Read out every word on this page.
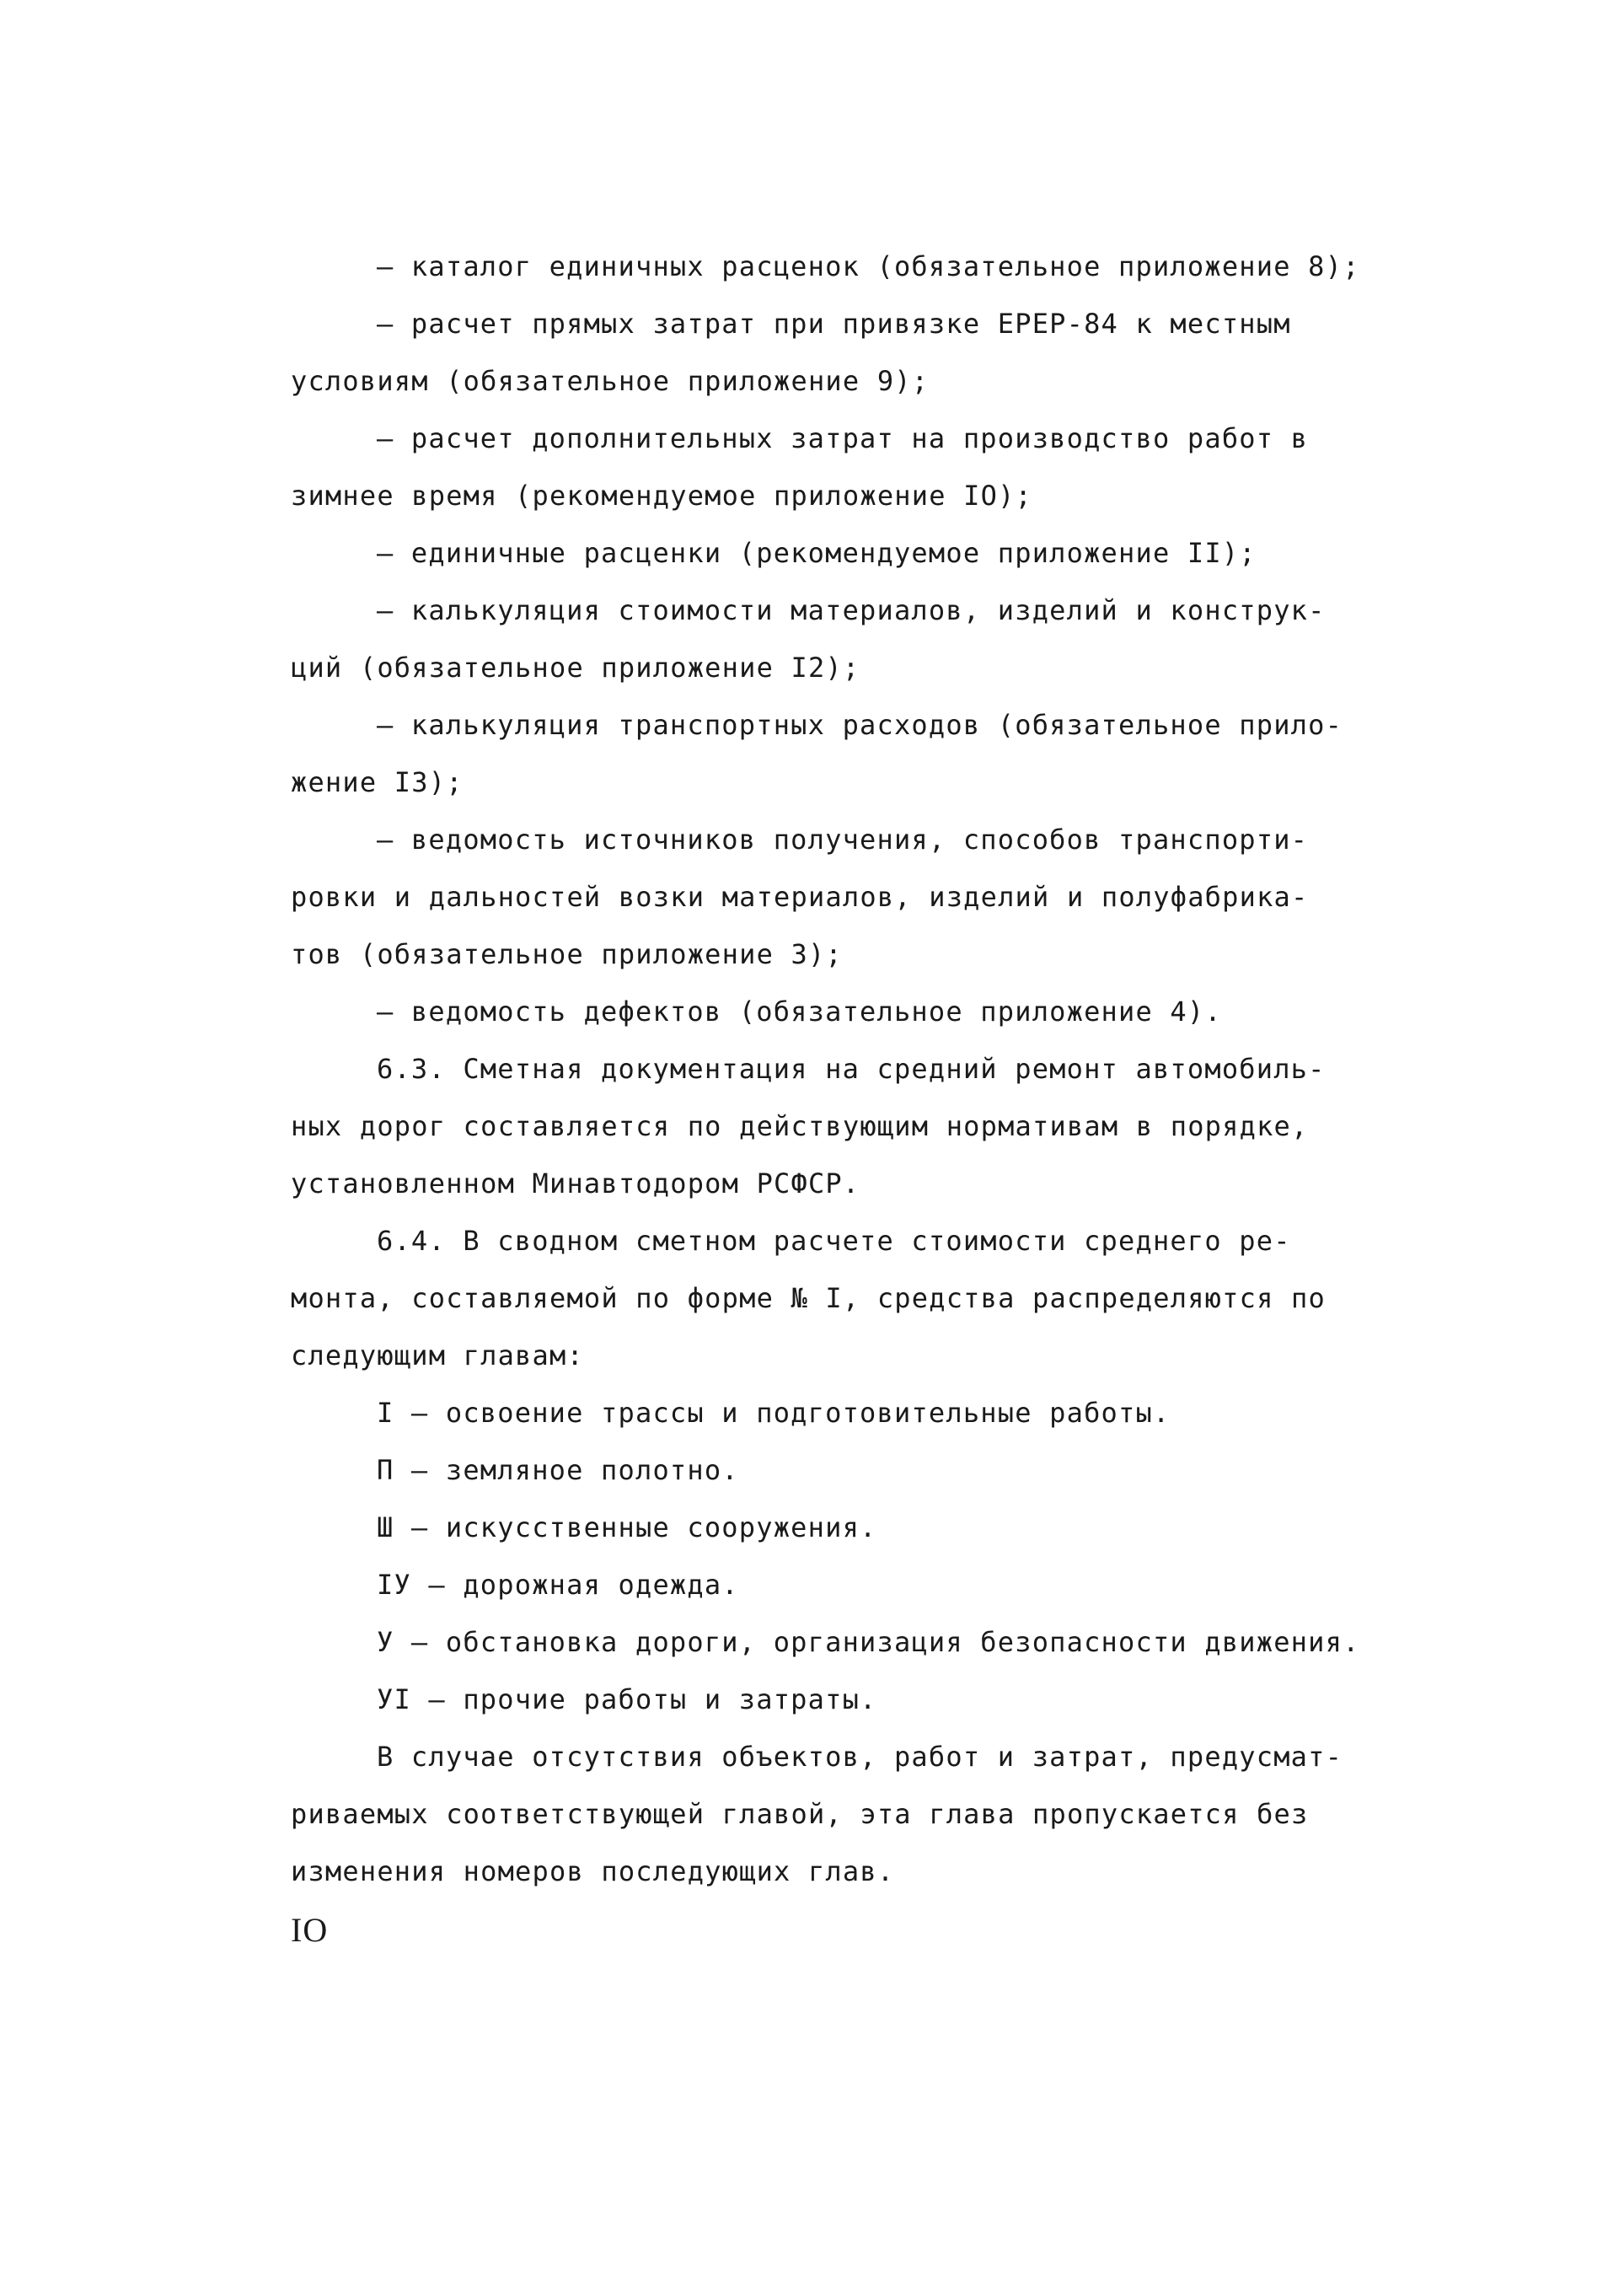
– каталог единичных расценок (обязательное приложение 8);
– расчет прямых затрат при привязке ЕРЕР-84 к местным
условиям (обязательное приложение 9);
– расчет дополнительных затрат на производство работ в
зимнее время (рекомендуемое приложение IO);
– единичные расценки (рекомендуемое приложение II);
– калькуляция стоимости материалов, изделий и конструк-
ций (обязательное приложение I2);
– калькуляция транспортных расходов (обязательное прило-
жение I3);
– ведомость источников получения, способов транспорти-
ровки и дальностей возки материалов, изделий и полуфабрика-
тов (обязательное приложение 3);
– ведомость дефектов (обязательное приложение 4).
6.3. Сметная документация на средний ремонт автомобиль-
ных дорог составляется по действующим нормативам в порядке,
установленном Минавтодором РСФСР.
6.4. В сводном сметном расчете стоимости среднего ре-
монта, составляемой по форме № I, средства распределяются по
следующим главам:
I – освоение трассы и подготовительные работы.
П – земляное полотно.
Ш – искусственные сооружения.
IУ – дорожная одежда.
У – обстановка дороги, организация безопасности движения.
УI – прочие работы и затраты.
В случае отсутствия объектов, работ и затрат, предусмат-
риваемых соответствующей главой, эта глава пропускается без
изменения номеров последующих глав.
IO
